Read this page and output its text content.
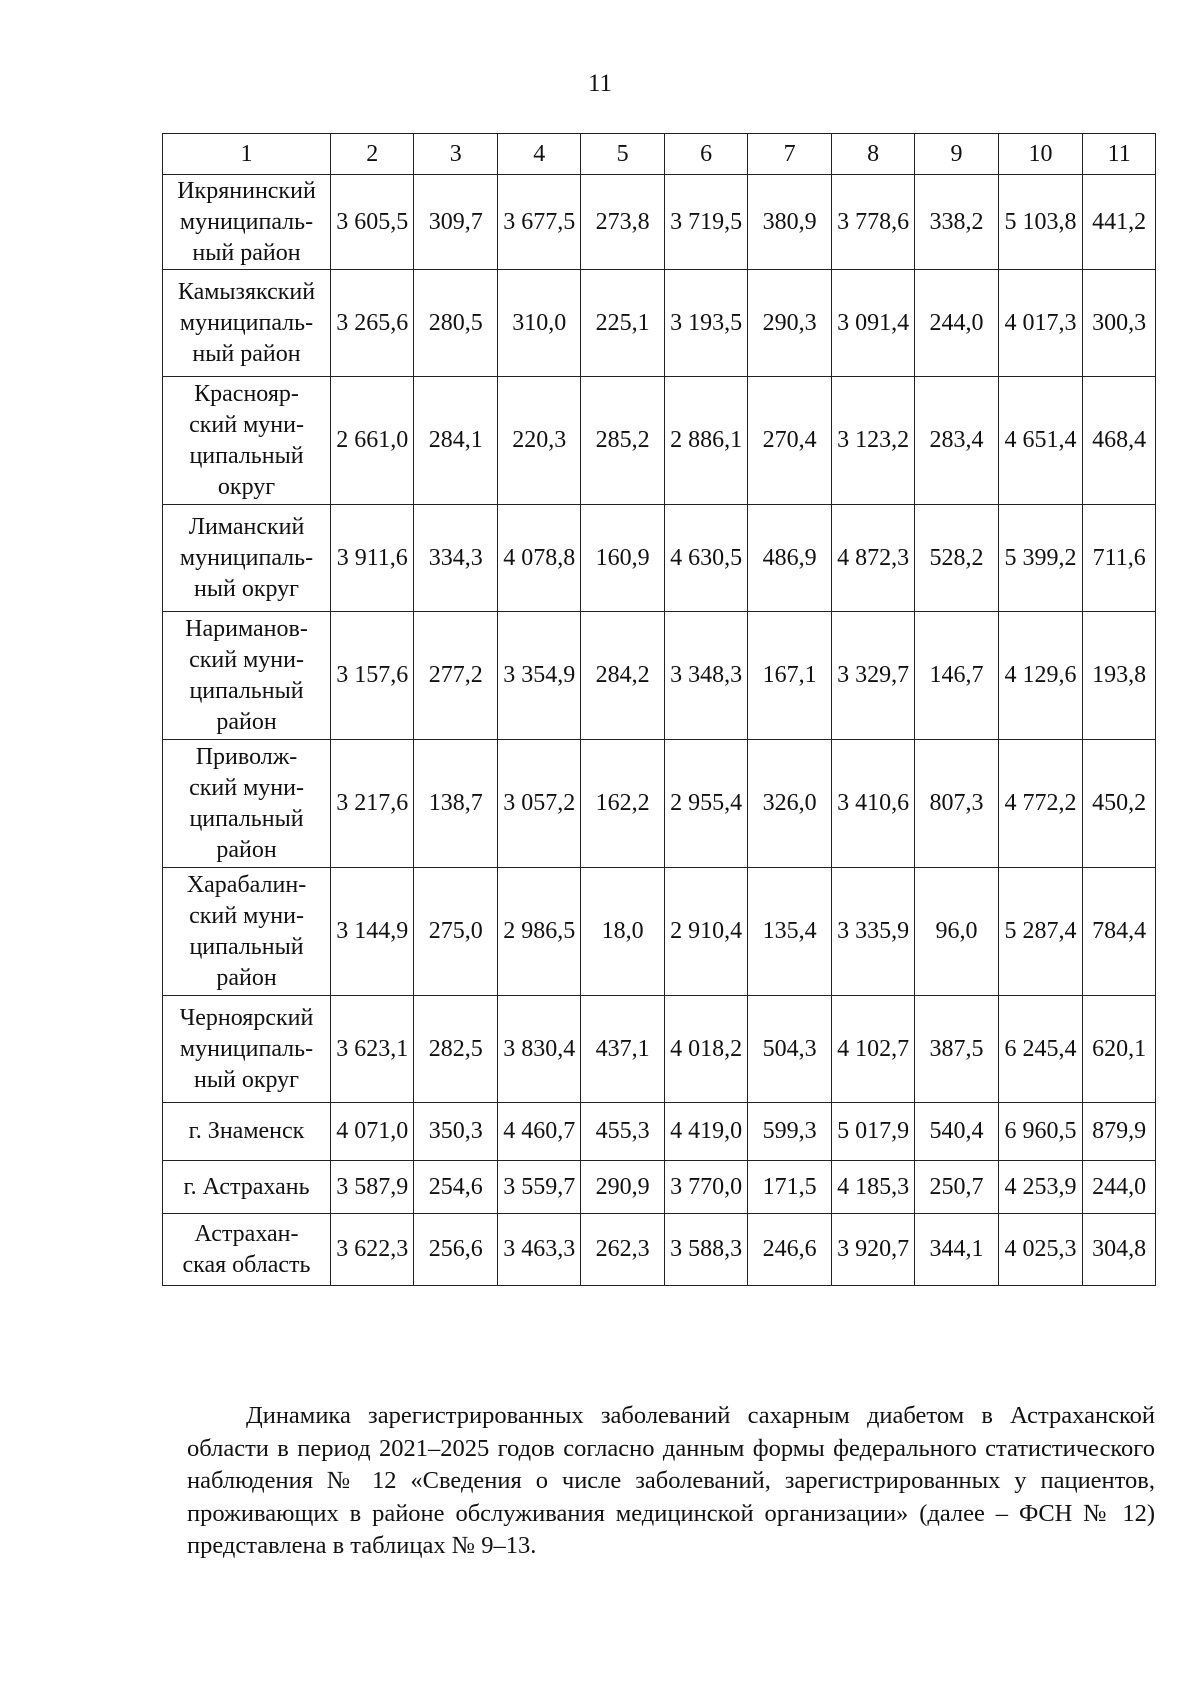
11
1	2	3	4	5	6	7	8	9	10	11

Икрянинский
муниципаль-
ный район	3 605,5	309,7	3 677,5	273,8	3 719,5	380,9	3 778,6	338,2	5 103,8	441,2

Камызякский
муниципаль-
ный район	3 265,6	280,5	310,0	225,1	3 193,5	290,3	3 091,4	244,0	4 017,3	300,3

Краснояр-
ский муни-
ципальный
округ	2 661,0	284,1	220,3	285,2	2 886,1	270,4	3 123,2	283,4	4 651,4	468,4

Лиманский
муниципаль-
ный округ	3 911,6	334,3	4 078,8	160,9	4 630,5	486,9	4 872,3	528,2	5 399,2	711,6

Нариманов-
ский муни-
ципальный
район	3 157,6	277,2	3 354,9	284,2	3 348,3	167,1	3 329,7	146,7	4 129,6	193,8

Приволж-
ский муни-
ципальный
район	3 217,6	138,7	3 057,2	162,2	2 955,4	326,0	3 410,6	807,3	4 772,2	450,2

Харабалин-
ский муни-
ципальный
район	3 144,9	275,0	2 986,5	18,0	2 910,4	135,4	3 335,9	96,0	5 287,4	784,4

Черноярский
муниципаль-
ный округ	3 623,1	282,5	3 830,4	437,1	4 018,2	504,3	4 102,7	387,5	6 245,4	620,1

г. Знаменск	4 071,0	350,3	4 460,7	455,3	4 419,0	599,3	5 017,9	540,4	6 960,5	879,9

г. Астрахань	3 587,9	254,6	3 559,7	290,9	3 770,0	171,5	4 185,3	250,7	4 253,9	244,0

Астрахан-
ская область	3 622,3	256,6	3 463,3	262,3	3 588,3	246,6	3 920,7	344,1	4 025,3	304,8
Динамика зарегистрированных заболеваний сахарным диабетом в Астраханской области в период 2021–2025 годов согласно данным формы федерального статистического наблюдения № 12 «Сведения о числе заболеваний, зарегистрированных у пациентов, проживающих в районе обслуживания медицинской организации» (далее – ФСН № 12) представлена в таблицах № 9–13.
